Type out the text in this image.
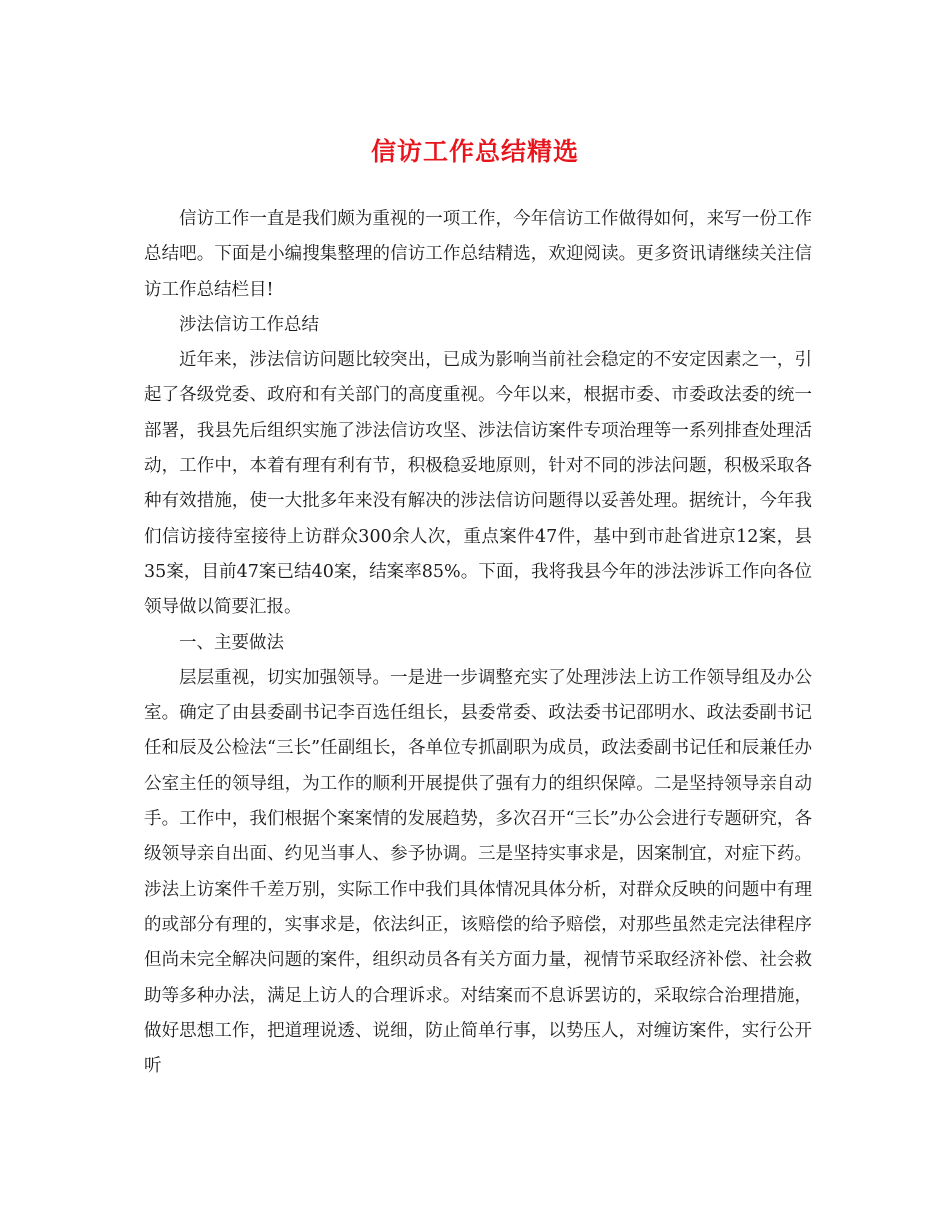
信访工作总结精选

信访工作一直是我们颇为重视的一项工作，今年信访工作做得如何，来写一份工作总结吧。下面是小编搜集整理的信访工作总结精选，欢迎阅读。更多资讯请继续关注信访工作总结栏目!

涉法信访工作总结

近年来，涉法信访问题比较突出，已成为影响当前社会稳定的不安定因素之一，引起了各级党委、政府和有关部门的高度重视。今年以来，根据市委、市委政法委的统一部署，我县先后组织实施了涉法信访攻坚、涉法信访案件专项治理等一系列排查处理活动，工作中，本着有理有利有节，积极稳妥地原则，针对不同的涉法问题，积极采取各种有效措施，使一大批多年来没有解决的涉法信访问题得以妥善处理。据统计，今年我们信访接待室接待上访群众300余人次，重点案件47件，基中到市赴省进京12案，县35案，目前47案已结40案，结案率85%。下面，我将我县今年的涉法涉诉工作向各位领导做以简要汇报。

一、主要做法

层层重视，切实加强领导。一是进一步调整充实了处理涉法上访工作领导组及办公室。确定了由县委副书记李百选任组长，县委常委、政法委书记邵明水、政法委副书记任和辰及公检法“三长”任副组长，各单位专抓副职为成员，政法委副书记任和辰兼任办公室主任的领导组，为工作的顺利开展提供了强有力的组织保障。二是坚持领导亲自动手。工作中，我们根据个案案情的发展趋势，多次召开“三长”办公会进行专题研究，各级领导亲自出面、约见当事人、参予协调。三是坚持实事求是，因案制宜，对症下药。涉法上访案件千差万别，实际工作中我们具体情况具体分析，对群众反映的问题中有理的或部分有理的，实事求是，依法纠正，该赔偿的给予赔偿，对那些虽然走完法律程序但尚未完全解决问题的案件，组织动员各有关方面力量，视情节采取经济补偿、社会救助等多种办法，满足上访人的合理诉求。对结案而不息诉罢访的，采取综合治理措施，做好思想工作，把道理说透、说细，防止简单行事，以势压人，对缠访案件，实行公开听
